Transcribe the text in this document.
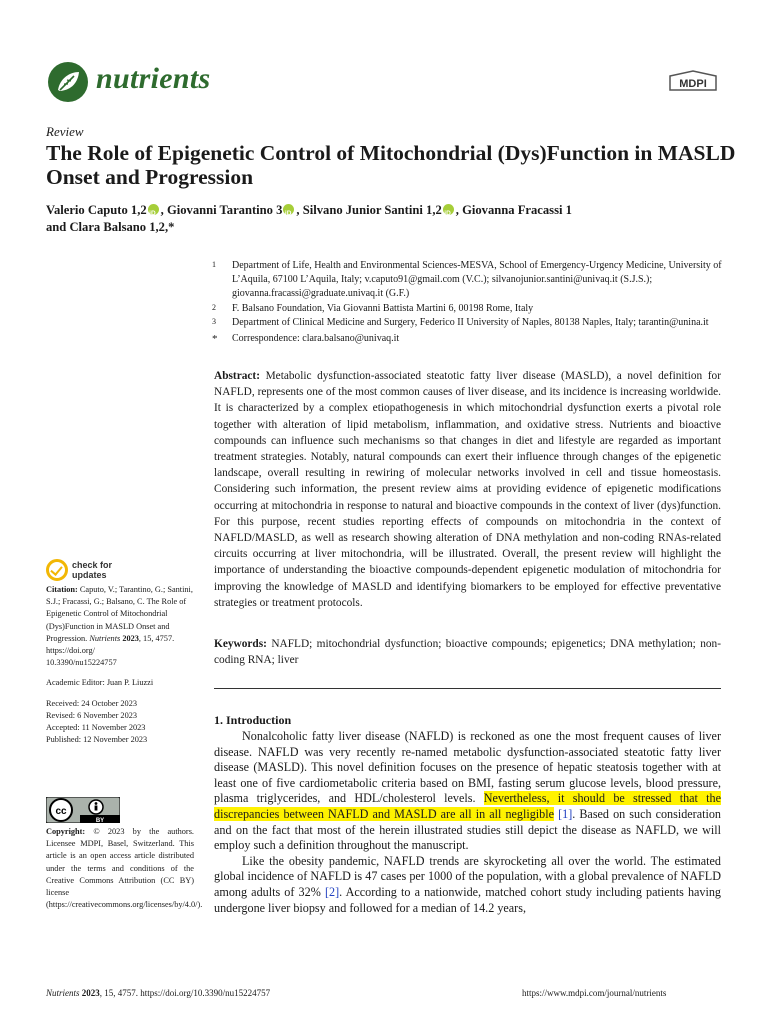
nutrients	MDPI
Review
The Role of Epigenetic Control of Mitochondrial (Dys)Function in MASLD Onset and Progression
Valerio Caputo 1,2 iD , Giovanni Tarantino 3 iD , Silvano Junior Santini 1,2 iD , Giovanna Fracassi 1
and Clara Balsano 1,2,*
1	Department of Life, Health and Environmental Sciences-MESVA, School of Emergency-Urgency Medicine, University of L’Aquila, 67100 L’Aquila, Italy; v.caputo91@gmail.com (V.C.); silvanojunior.santini@univaq.it (S.J.S.); giovanna.fracassi@graduate.univaq.it (G.F.)
2	F. Balsano Foundation, Via Giovanni Battista Martini 6, 00198 Rome, Italy
3	Department of Clinical Medicine and Surgery, Federico II University of Naples, 80138 Naples, Italy; tarantin@unina.it
*	Correspondence: clara.balsano@univaq.it
Abstract: Metabolic dysfunction-associated steatotic fatty liver disease (MASLD), a novel definition for NAFLD, represents one of the most common causes of liver disease, and its incidence is increasing worldwide. It is characterized by a complex etiopathogenesis in which mitochondrial dysfunction exerts a pivotal role together with alteration of lipid metabolism, inflammation, and oxidative stress. Nutrients and bioactive compounds can influence such mechanisms so that changes in diet and lifestyle are regarded as important treatment strategies. Notably, natural compounds can exert their influence through changes of the epigenetic landscape, overall resulting in rewiring of molecular networks involved in cell and tissue homeostasis. Considering such information, the present review aims at providing evidence of epigenetic modifications occurring at mitochondria in response to natural and bioactive compounds in the context of liver (dys)function. For this purpose, recent studies reporting effects of compounds on mitochondria in the context of NAFLD/MASLD, as well as research showing alteration of DNA methylation and non-coding RNAs-related circuits occurring at liver mitochondria, will be illustrated. Overall, the present review will highlight the importance of understanding the bioactive compounds-dependent epigenetic modulation of mitochondria for improving the knowledge of MASLD and identifying biomarkers to be employed for effective preventative strategies or treatment protocols.
Keywords: NAFLD; mitochondrial dysfunction; bioactive compounds; epigenetics; DNA methylation; non-coding RNA; liver
check for
updates

Citation: Caputo, V.; Tarantino, G.; Santini, S.J.; Fracassi, G.; Balsano, C. The Role of Epigenetic Control of Mitochondrial (Dys)Function in MASLD Onset and Progression. Nutrients 2023, 15, 4757.

https://doi.org/
10.3390/nu15224757

Academic Editor: Juan P. Liuzzi

Received: 24 October 2023

Revised: 6 November 2023

Accepted: 11 November 2023

Published: 12 November 2023

cc
BY
Copyright: © 2023 by the authors. Licensee MDPI, Basel, Switzerland. This article is an open access article distributed under the terms and conditions of the Creative Commons Attribution (CC BY) license (https://creativecommons.org/licenses/by/4.0/).
1. Introduction

Nonalcoholic fatty liver disease (NAFLD) is reckoned as one the most frequent causes of liver disease. NAFLD was very recently re-named metabolic dysfunction-associated steatotic fatty liver disease (MASLD). This novel definition focuses on the presence of hepatic steatosis together with at least one of five cardiometabolic criteria based on BMI, fasting serum glucose levels, blood pressure, plasma triglycerides, and HDL/cholesterol levels. Nevertheless, it should be stressed that the discrepancies between NAFLD and MASLD are all in all negligible [1]. Based on such consideration and on the fact that most of the herein illustrated studies still depict the disease as NAFLD, we will employ such a definition throughout the manuscript.

Like the obesity pandemic, NAFLD trends are skyrocketing all over the world. The estimated global incidence of NAFLD is 47 cases per 1000 of the population, with a global prevalence of NAFLD among adults of 32% [2]. According to a nationwide, matched cohort study including patients having undergone liver biopsy and followed for a median of 14.2 years,

Nutrients 2023, 15, 4757. https://doi.org/10.3390/nu15224757	https://www.mdpi.com/journal/nutrients
